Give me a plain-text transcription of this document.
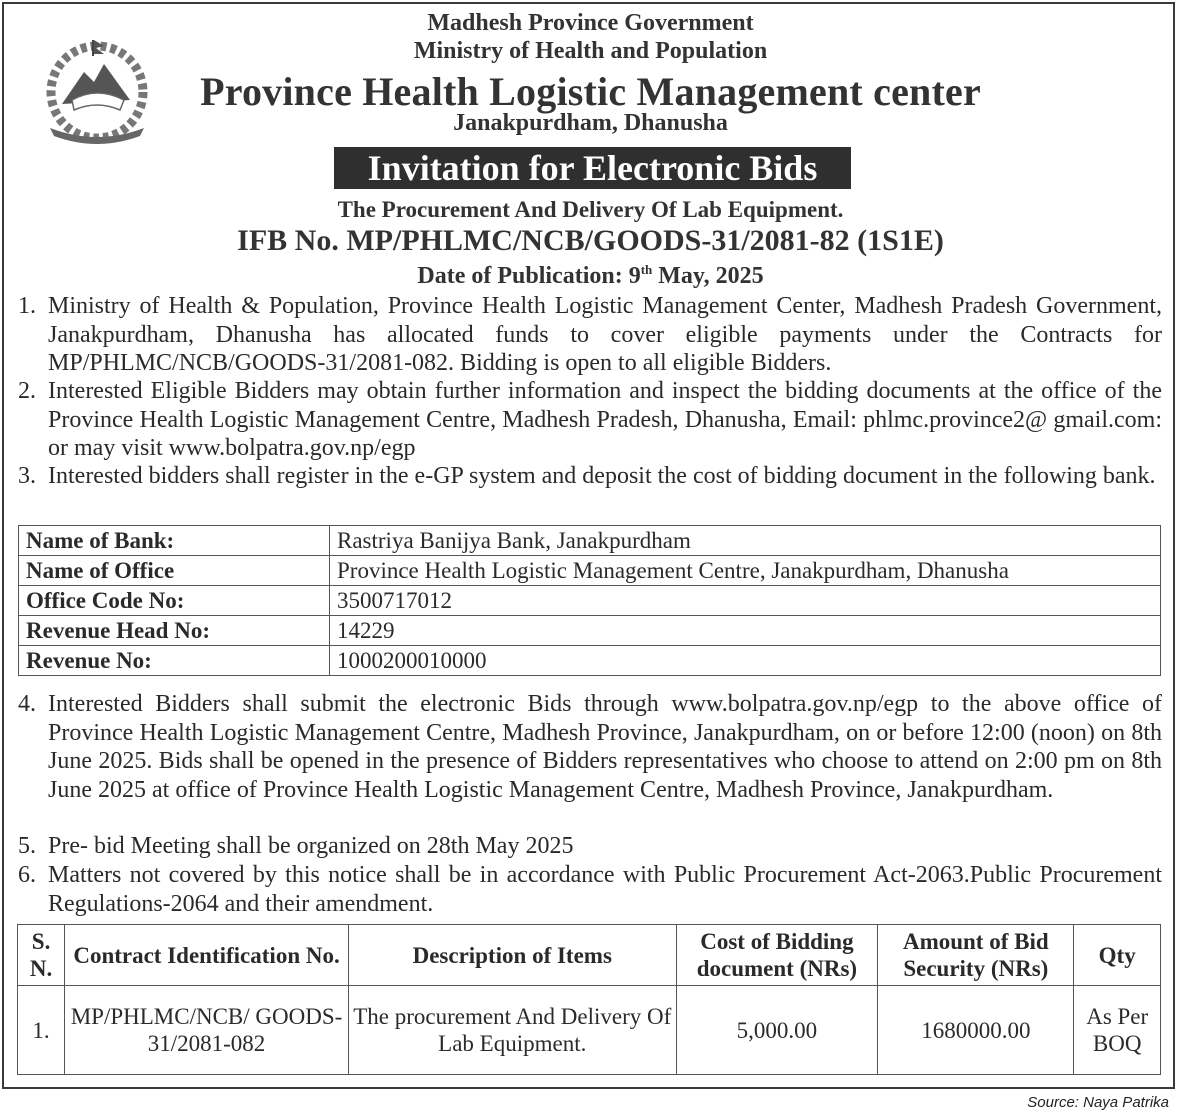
Madhesh Province Government
Ministry of Health and Population
Province Health Logistic Management center
Janakpurdham, Dhanusha
Invitation for Electronic Bids
The Procurement And Delivery Of Lab Equipment.
IFB No. MP/PHLMC/NCB/GOODS-31/2081-82 (1S1E)
Date of Publication: 9th May, 2025
1. Ministry of Health & Population, Province Health Logistic Management Center, Madhesh Pradesh Government, Janakpurdham, Dhanusha has allocated funds to cover eligible payments under the Contracts for MP/PHLMC/NCB/GOODS-31/2081-082. Bidding is open to all eligible Bidders.
2. Interested Eligible Bidders may obtain further information and inspect the bidding documents at the office of the Province Health Logistic Management Centre, Madhesh Pradesh, Dhanusha, Email: phlmc.province2@ gmail.com: or may visit www.bolpatra.gov.np/egp
3. Interested bidders shall register in the e-GP system and deposit the cost of bidding document in the following bank.
Name of Bank:	Rastriya Banijya Bank, Janakpurdham
Name of Office	Province Health Logistic Management Centre, Janakpurdham, Dhanusha
Office Code No:	3500717012
Revenue Head No:	14229
Revenue No:	1000200010000
4. Interested Bidders shall submit the electronic Bids through www.bolpatra.gov.np/egp to the above office of Province Health Logistic Management Centre, Madhesh Province, Janakpurdham, on or before 12:00 (noon) on 8th June 2025. Bids shall be opened in the presence of Bidders representatives who choose to attend on 2:00 pm on 8th June 2025 at office of Province Health Logistic Management Centre, Madhesh Province, Janakpurdham.
5. Pre- bid Meeting shall be organized on 28th May 2025
6. Matters not covered by this notice shall be in accordance with Public Procurement Act-2063.Public Procurement Regulations-2064 and their amendment.
S. N.	Contract Identification No.	Description of Items	Cost of Bidding document (NRs)	Amount of Bid Security (NRs)	Qty
1.	MP/PHLMC/NCB/ GOODS- 31/2081-082	The procurement And Delivery Of Lab Equipment.	5,000.00	1680000.00	As Per BOQ
Source: Naya Patrika
